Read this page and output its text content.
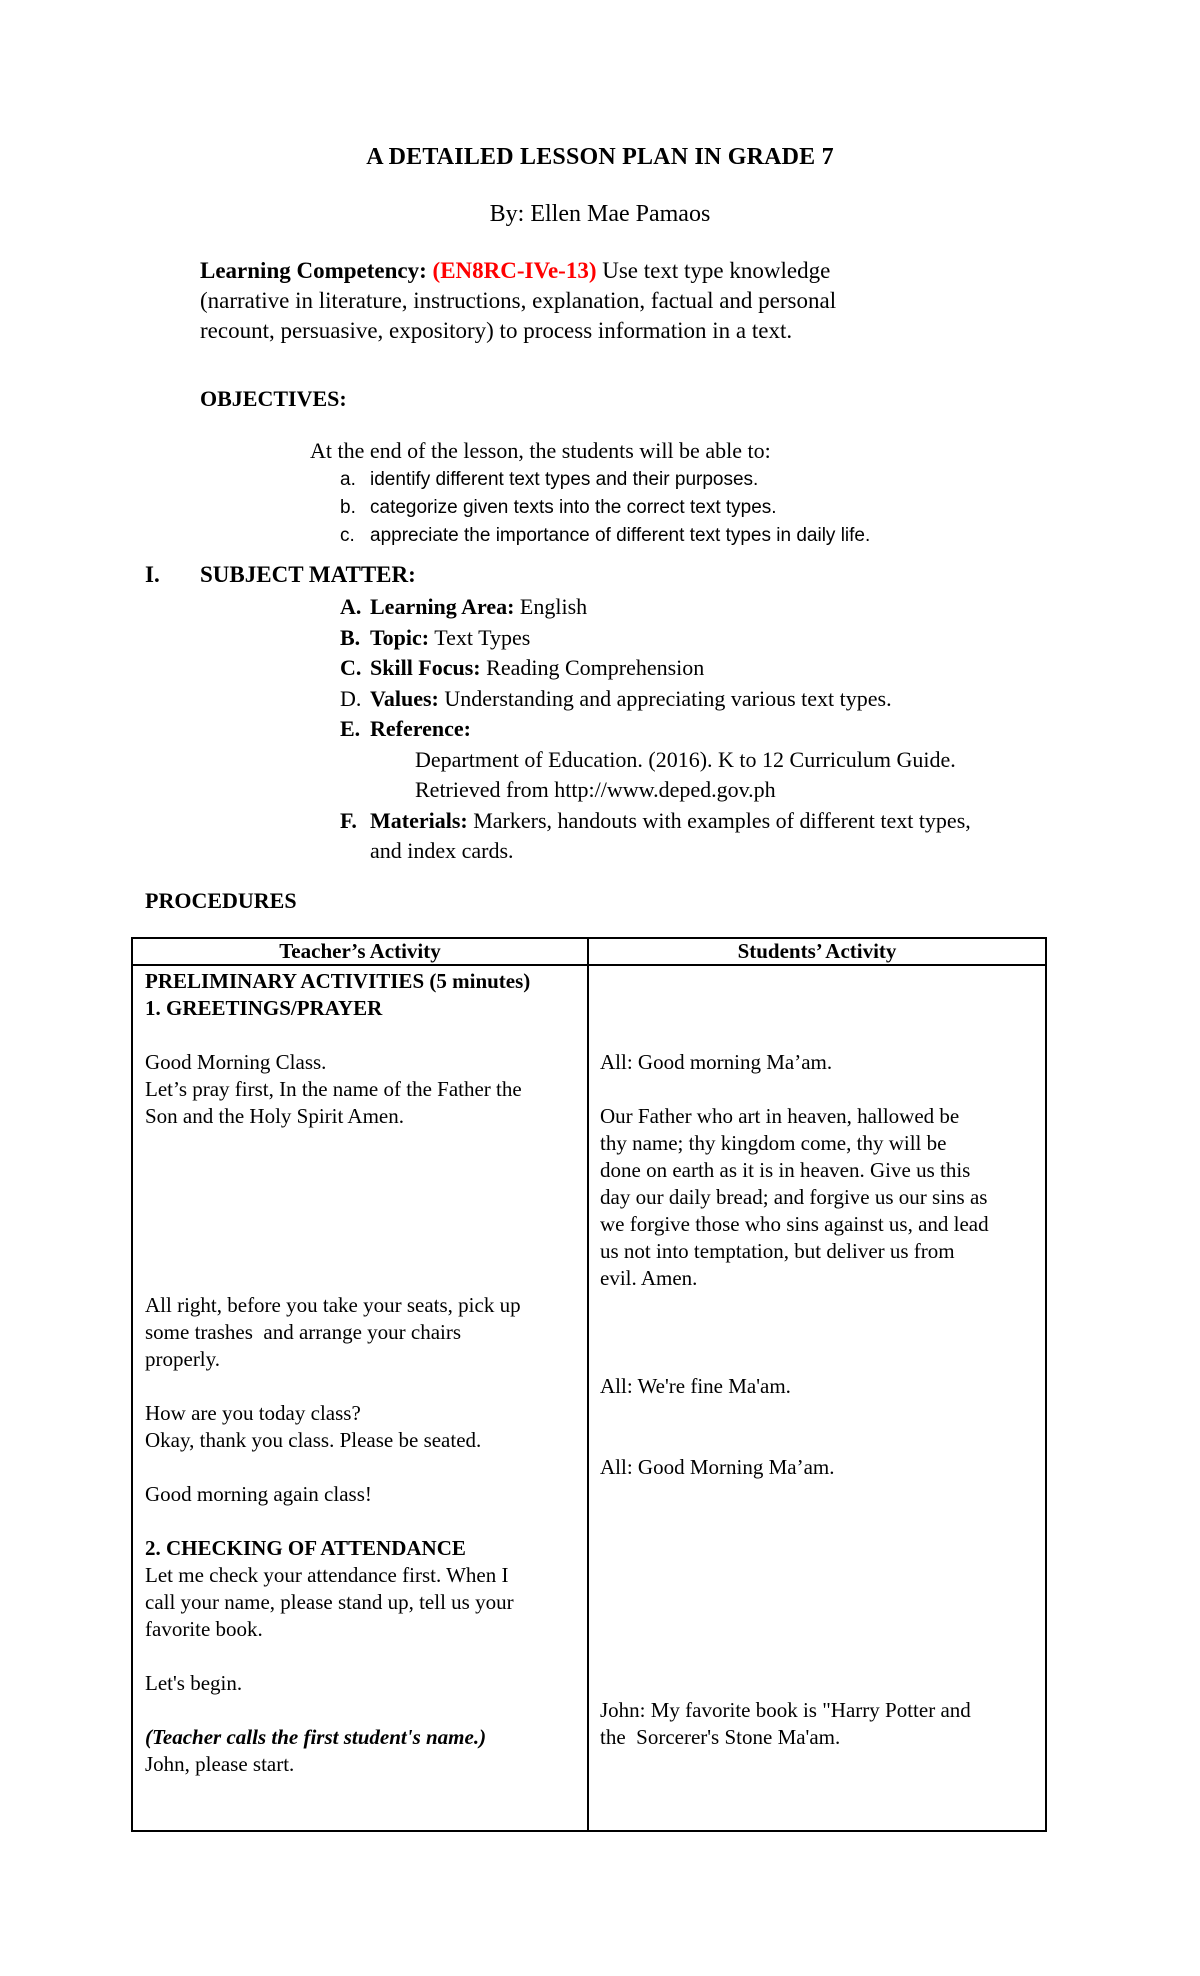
A DETAILED LESSON PLAN IN GRADE 7
By: Ellen Mae Pamaos
Learning Competency: (EN8RC-IVe-13) Use text type knowledge
(narrative in literature, instructions, explanation, factual and personal
recount, persuasive, expository) to process information in a text.
OBJECTIVES:
At the end of the lesson, the students will be able to:
a. identify different text types and their purposes.
b. categorize given texts into the correct text types.
c. appreciate the importance of different text types in daily life.
I. SUBJECT MATTER:
A. Learning Area: English
B. Topic: Text Types
C. Skill Focus: Reading Comprehension
D. Values: Understanding and appreciating various text types.
E. Reference:
Department of Education. (2016). K to 12 Curriculum Guide.
Retrieved from http://www.deped.gov.ph
F. Materials: Markers, handouts with examples of different text types,
and index cards.
PROCEDURES
Teacher’s Activity	Students’ Activity
PRELIMINARY ACTIVITIES (5 minutes)
1. GREETINGS/PRAYER
Good Morning Class.
Let’s pray first, In the name of the Father the
Son and the Holy Spirit Amen.
All right, before you take your seats, pick up
some trashes  and arrange your chairs
properly.
How are you today class?
Okay, thank you class. Please be seated.
Good morning again class!
2. CHECKING OF ATTENDANCE
Let me check your attendance first. When I
call your name, please stand up, tell us your
favorite book.
Let's begin.
(Teacher calls the first student's name.)
John, please start.
All: Good morning Ma’am.
Our Father who art in heaven, hallowed be
thy name; thy kingdom come, thy will be
done on earth as it is in heaven. Give us this
day our daily bread; and forgive us our sins as
we forgive those who sins against us, and lead
us not into temptation, but deliver us from
evil. Amen.
All: We're fine Ma'am.
All: Good Morning Ma’am.
John: My favorite book is "Harry Potter and
the  Sorcerer's Stone Ma'am.
